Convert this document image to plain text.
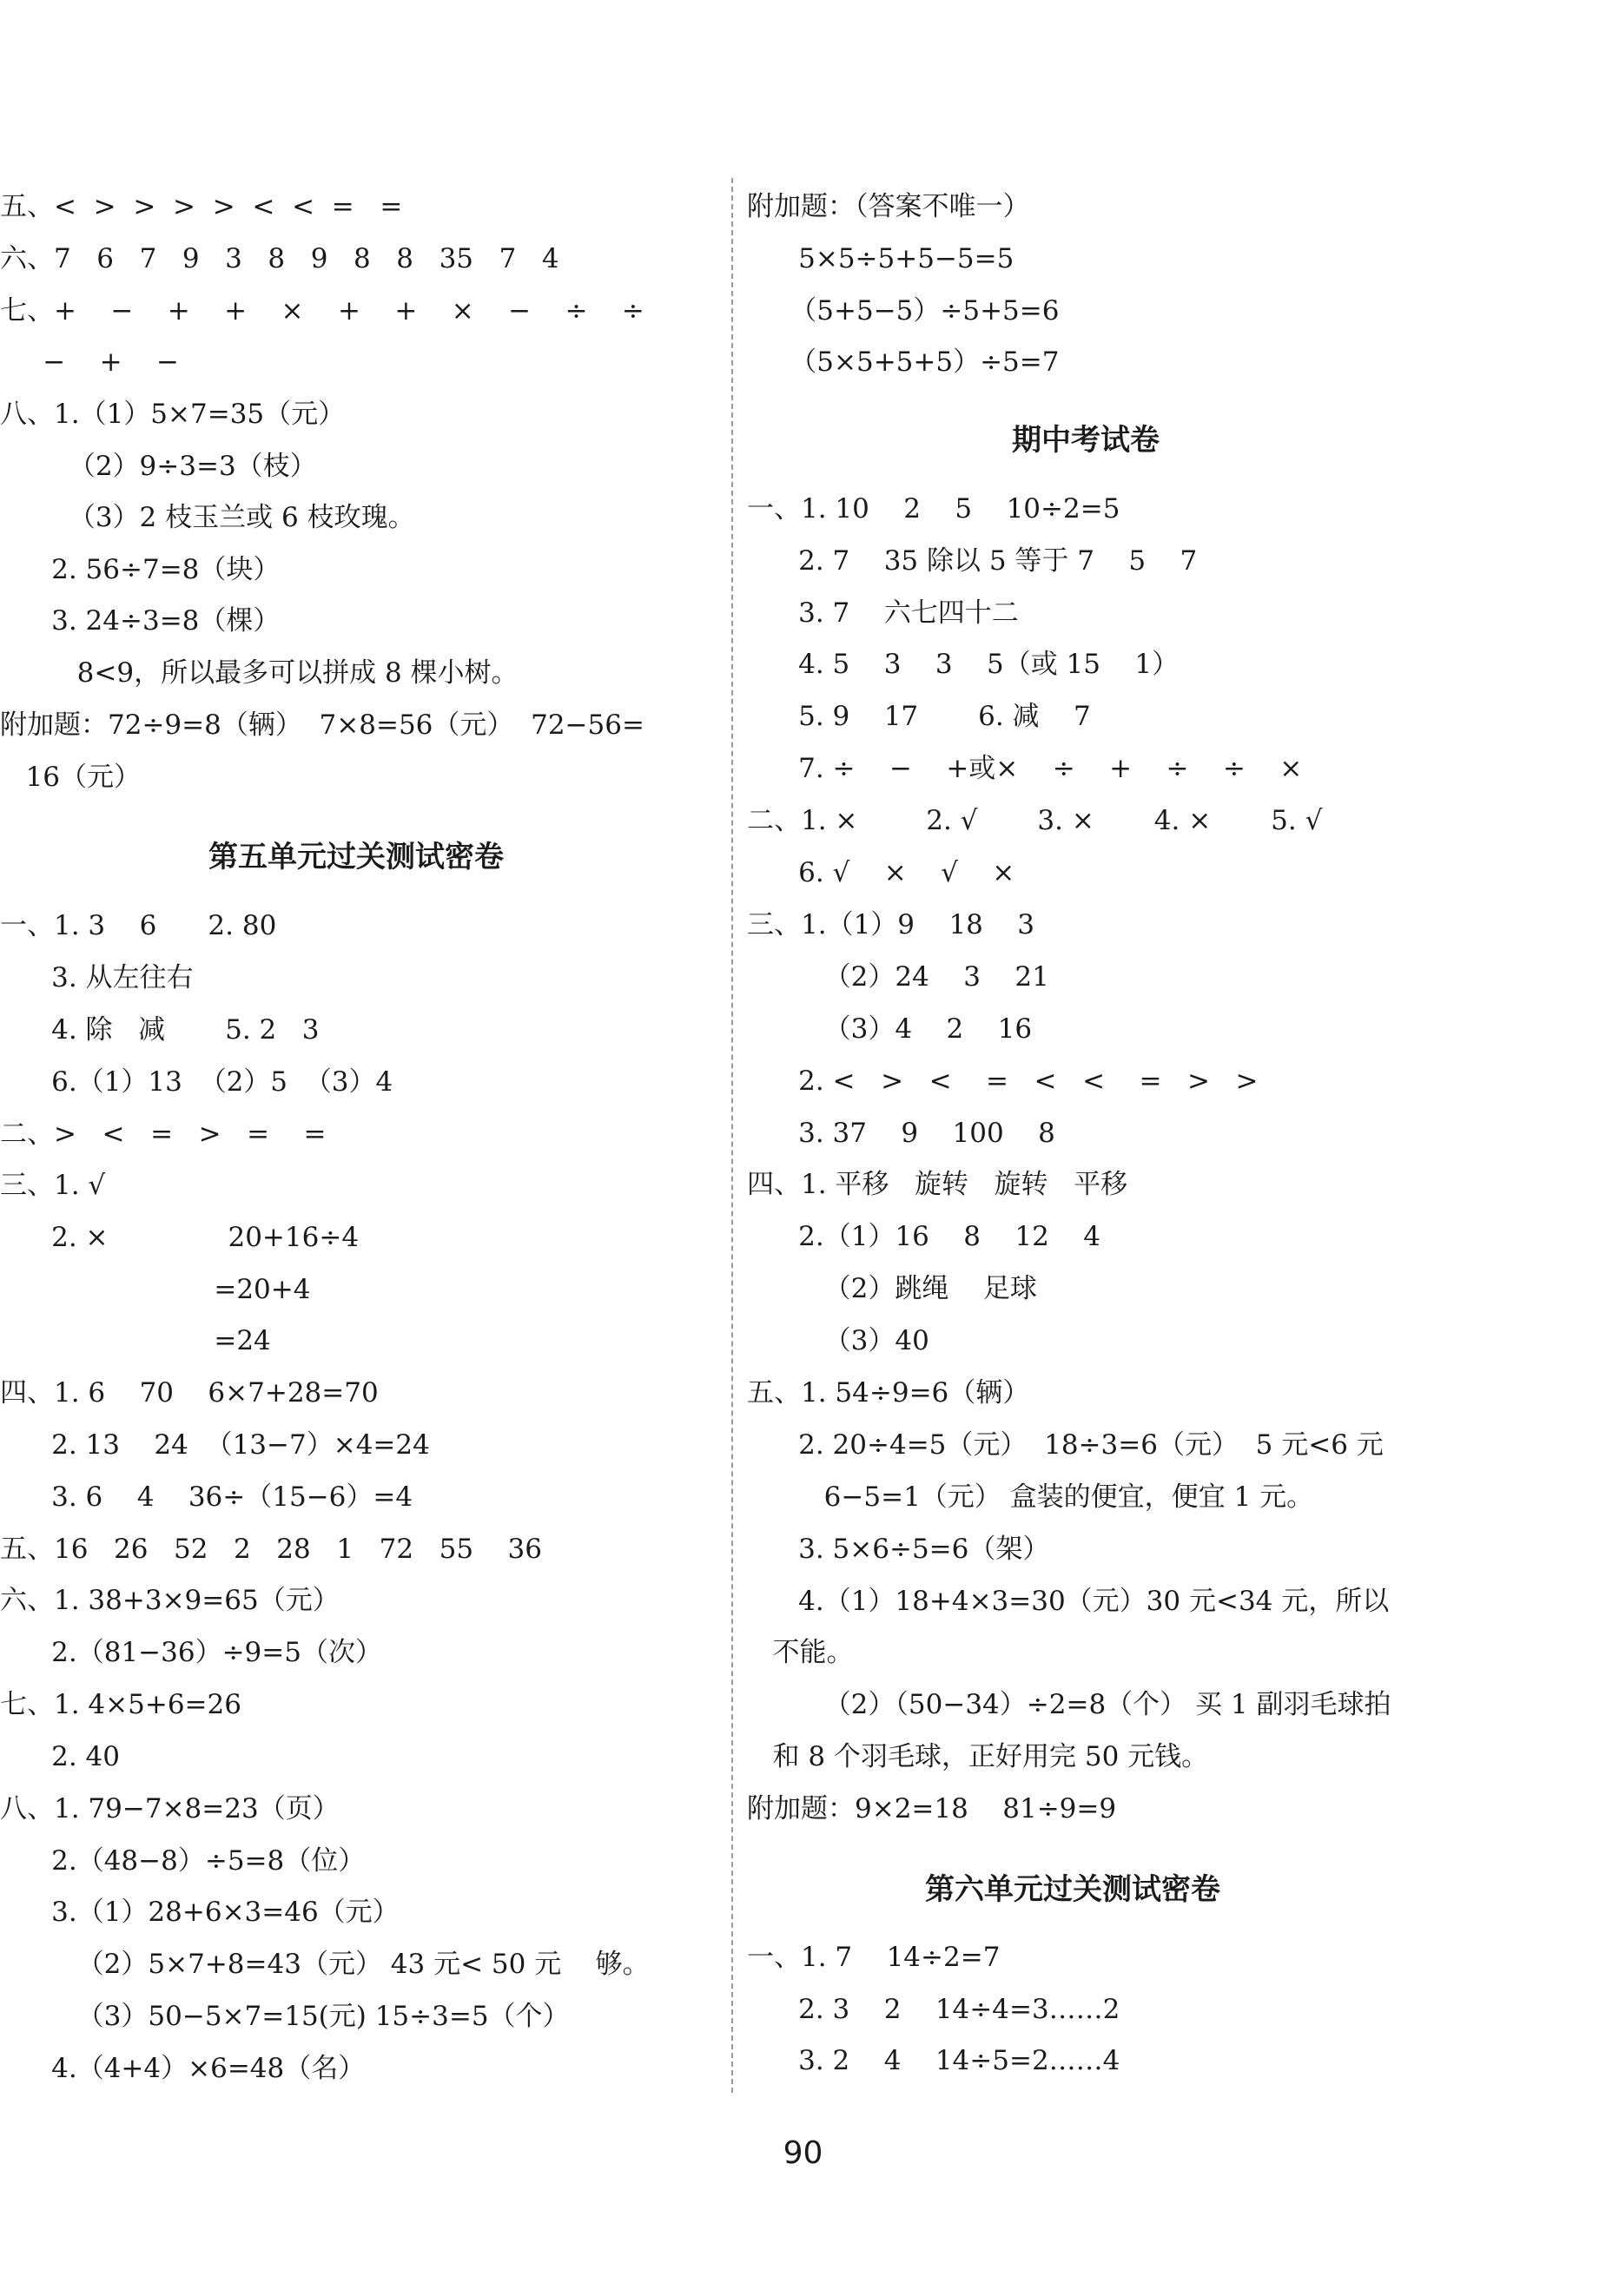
五、<  >  >  >  >  <  <  =   =
六、7   6   7   9   3   8   9   8   8   35   7   4
七、+    −    +    +    ×    +    +    ×    −    ÷    ÷
−    +    −
八、1.（1）5×7=35（元）
（2）9÷3=3（枝）
（3）2 枝玉兰或 6 枝玫瑰。
2. 56÷7=8（块）
3. 24÷3=8（棵）
8<9，所以最多可以拼成 8 棵小树。
附加题：72÷9=8（辆）  7×8=56（元）  72−56=
16（元）
第五单元过关测试密卷
一、1. 3    6      2. 80
3. 从左往右
4. 除   减       5. 2   3
6.（1）13  （2）5  （3）4
二、>   <   =   >   =    =
三、1. √
2. ×              20+16÷4
=20+4
=24
四、1. 6    70    6×7+28=70
2. 13    24  （13−7）×4=24
3. 6    4    36÷（15−6）=4
五、16   26   52   2   28   1   72   55    36
六、1. 38+3×9=65（元）
2.（81−36）÷9=5（次）
七、1. 4×5+6=26
2. 40
八、1. 79−7×8=23（页）
2.（48−8）÷5=8（位）
3.（1）28+6×3=46（元）
（2）5×7+8=43（元） 43 元< 50 元    够。
（3）50−5×7=15(元) 15÷3=5（个）
4.（4+4）×6=48（名）
附加题：（答案不唯一）
5×5÷5+5−5=5
（5+5−5）÷5+5=6
（5×5+5+5）÷5=7
期中考试卷
一、1. 10    2    5    10÷2=5
2. 7    35 除以 5 等于 7    5    7
3. 7    六七四十二
4. 5    3    3    5（或 15    1）
5. 9    17       6. 减    7
7. ÷    −    +或×    ÷    +    ÷    ÷    ×
二、1. ×        2. √       3. ×       4. ×       5. √
6. √    ×    √    ×
三、1.（1）9    18    3
（2）24    3    21
（3）4    2    16
2. <   >   <    =   <   <    =   >   >
3. 37    9    100    8
四、1. 平移   旋转   旋转   平移
2.（1）16    8    12    4
（2）跳绳    足球
（3）40
五、1. 54÷9=6（辆）
2. 20÷4=5（元）  18÷3=6（元）  5 元<6 元
6−5=1（元） 盒装的便宜，便宜 1 元。
3. 5×6÷5=6（架）
4.（1）18+4×3=30（元）30 元<34 元，所以
不能。
（2）（50−34）÷2=8（个） 买 1 副羽毛球拍
和 8 个羽毛球，正好用完 50 元钱。
附加题：9×2=18    81÷9=9
第六单元过关测试密卷
一、1. 7    14÷2=7
2. 3    2    14÷4=3……2
3. 2    4    14÷5=2……4
90
